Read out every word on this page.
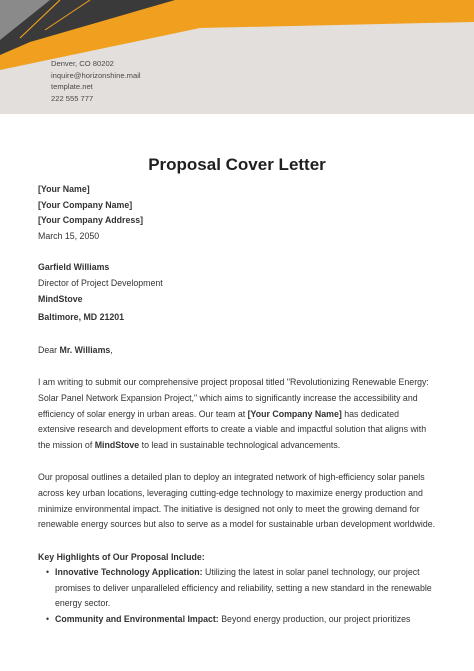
Denver, CO 80202
inquire@horizonshine.mail
template.net
222 555 777
Proposal Cover Letter
[Your Name]
[Your Company Name]
[Your Company Address]
March 15, 2050
Garfield Williams
Director of Project Development
MindStove
Baltimore, MD 21201
Dear Mr. Williams,

I am writing to submit our comprehensive project proposal titled "Revolutionizing Renewable Energy: Solar Panel Network Expansion Project," which aims to significantly increase the accessibility and efficiency of solar energy in urban areas. Our team at [Your Company Name] has dedicated extensive research and development efforts to create a viable and impactful solution that aligns with the mission of MindStove to lead in sustainable technological advancements.

Our proposal outlines a detailed plan to deploy an integrated network of high-efficiency solar panels across key urban locations, leveraging cutting-edge technology to maximize energy production and minimize environmental impact. The initiative is designed not only to meet the growing demand for renewable energy sources but also to serve as a model for sustainable urban development worldwide.
Key Highlights of Our Proposal Include:
• Innovative Technology Application: Utilizing the latest in solar panel technology, our project promises to deliver unparalleled efficiency and reliability, setting a new standard in the renewable energy sector.
• Community and Environmental Impact: Beyond energy production, our project prioritizes
